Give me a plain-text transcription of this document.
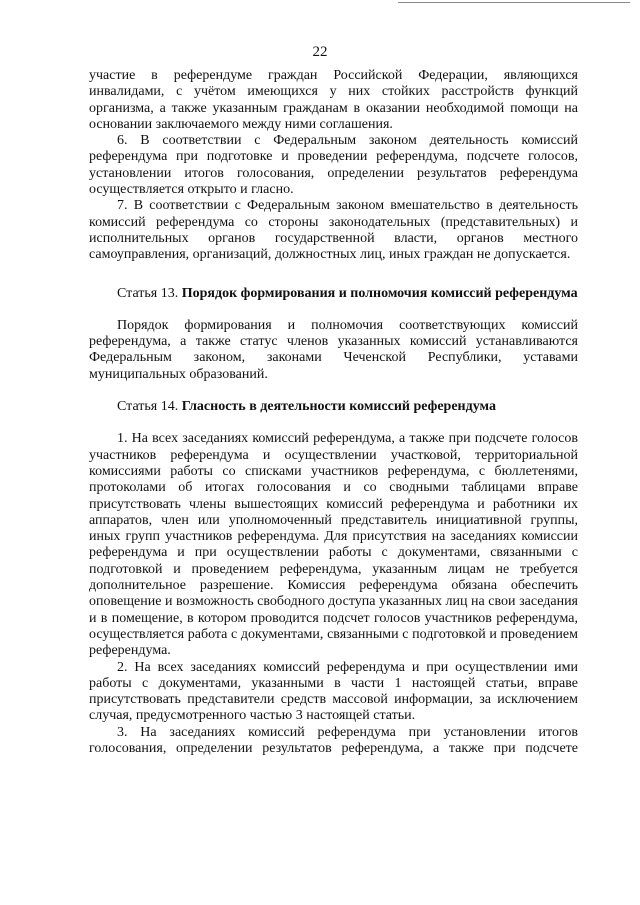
22

участие в референдуме граждан Российской Федерации, являющихся инвалидами, с учётом имеющихся у них стойких расстройств функций организма, а также указанным гражданам в оказании необходимой помощи на основании заключаемого между ними соглашения.

6. В соответствии с Федеральным законом деятельность комиссий референдума при подготовке и проведении референдума, подсчете голосов, установлении итогов голосования, определении результатов референдума осуществляется открыто и гласно.

7. В соответствии с Федеральным законом вмешательство в деятельность комиссий референдума со стороны законодательных (представительных) и исполнительных органов государственной власти, органов местного самоуправления, организаций, должностных лиц, иных граждан не допускается.

Статья 13. Порядок формирования и полномочия комиссий референдума

Порядок формирования и полномочия соответствующих комиссий референдума, а также статус членов указанных комиссий устанавливаются Федеральным законом, законами Чеченской Республики, уставами муниципальных образований.

Статья 14. Гласность в деятельности комиссий референдума

1. На всех заседаниях комиссий референдума, а также при подсчете голосов участников референдума и осуществлении участковой, территориальной комиссиями работы со списками участников референдума, с бюллетенями, протоколами об итогах голосования и со сводными таблицами вправе присутствовать члены вышестоящих комиссий референдума и работники их аппаратов, член или уполномоченный представитель инициативной группы, иных групп участников референдума. Для присутствия на заседаниях комиссии референдума и при осуществлении работы с документами, связанными с подготовкой и проведением референдума, указанным лицам не требуется дополнительное разрешение. Комиссия референдума обязана обеспечить оповещение и возможность свободного доступа указанных лиц на свои заседания и в помещение, в котором проводится подсчет голосов участников референдума, осуществляется работа с документами, связанными с подготовкой и проведением референдума.

2. На всех заседаниях комиссий референдума и при осуществлении ими работы с документами, указанными в части 1 настоящей статьи, вправе присутствовать представители средств массовой информации, за исключением случая, предусмотренного частью 3 настоящей статьи.

3. На заседаниях комиссий референдума при установлении итогов голосования, определении результатов референдума, а также при подсчете
